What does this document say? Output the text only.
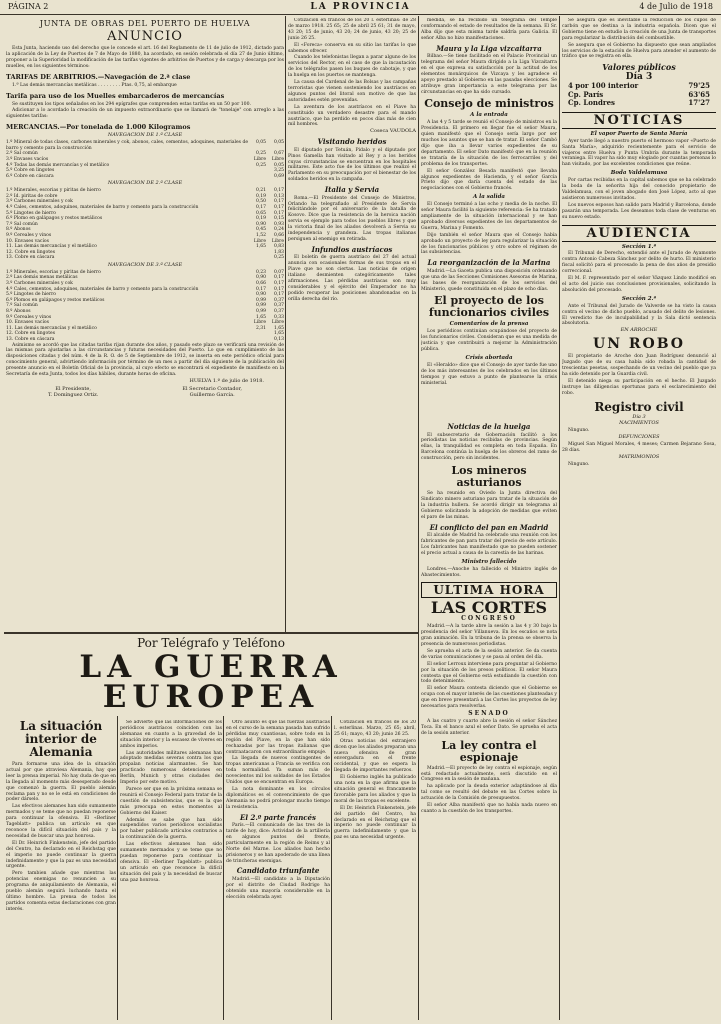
PÁGINA 2	LA PROVINCIA	4 de Julio de 1918
JUNTA DE OBRAS DEL PUERTO DE HUELVA
ANUNCIO

Esta Junta, haciendo uso del derecho que le concede el art. 16 del Reglamento de 11 de julio de 1912, dictado para la aplicación de la Ley de Puertos de 7 de Mayo de 1880, ha acordado, en sesión celebrada el día 27 de Junio último, proponer a la Superioridad la modificación de las tarifas vigentes de arbitrios de Puertos y de carga y descarga por los muelles, en los siguientes términos:

TARIFAS DE ARBITRIOS.—Navegación de 2.ª clase

1.ª Las demás mercancías metálicas . . . . . . . . Ptas. 0,75, al embarque

Tarifa para uso de los Muelles embarcaderos de mercancías

Se sustituyen los tipos señalados en los 294 epígrafes que comprenden estas tarifas en un 50 por 100.

Adicionar a lo acordado la creación de un impuesto extraordinario que se llamará de "tonelaje" con arreglo a las siguientes tarifas:

MERCANCIAS.—Por tonelada de 1.000 Kilogramos
NAVEGACION DE 1.ª CLASE
1.º Mineral de todas clases, carbones minerales y cok, abonos, cales, cementos, adoquines, materiales de barro y cemento para la construcción	0,05	0,05
2.º Sal común	0,25	0,67
3.º Envases vacíos	Libre	Libre
4.º Todas las demás mercancías y el metálico	0,25	0,05
5.º Cobre en lingotes		3,25
6.º Cobre en cáscara		0,69
NAVEGACION DE 2.ª CLASE
1.º Minerales, escorias y piritas de hierro	0,21	0,17
2.º Id. piritas de cobre	0,19	0,13
3.º Carbones minerales y cok	0,50	0,17
4.º Cales, cementos, adoquines, materiales de barro y cemento para la construcción	0,17	0,17
5.º Lingotes de hierro	0,65	0,17
6.º Plomo en galápagos y restos metálicos	0,19	0,15
7.º Sal común	0,90	0,93
8.º Abonos	0,45	0,24
9.º Cereales y vinos	1,52	0,66
10. Envases vacíos	Libre	Libre
11. Las demás mercancías y el metálico	1,65	0,83
12. Cobre en lingotes		1,83
13. Cobre en cáscara		0,25
NAVEGACION DE 3.ª CLASE
1.º Minerales, escorias y piritas de hierro	0,23	0,07
2.º Las demás menas metálicas	0,90	0,17
3.º Carbones minerales y cok	0,66	0,17
4.º Cales, cementos, adoquines, materiales de barro y cemento para la construcción	0,17	0,17
5.º Lingotes de hierro	0,90	0,17
6.º Plomos en galápagos y restos metálicos	0,99	0,37
7.º Sal común	0,99	0,37
8.º Abonos	0,99	0,37
9.º Cereales y vinos	1,65	0,33
10. Envases vacíos	Libre	Libre
11. Las demás mercancías y el metálico	2,31	1,65
12. Cobre en lingotes		1,65
13. Cobre en cáscara		0,13

Asimismo se acordó que las citadas tarifas rijan durante dos años, y pasado este plazo se verificará una revisión de las mismas para ajustarlas a las circunstancias y futuras necesidades del Puerto. Lo que en cumplimiento de las disposiciones citadas y del núm. 4 de la R. O. de 5 de Septiembre de 1912, se inserta en este periódico oficial para conocimiento general, advirtiendo información por término de un mes a partir del día siguiente de la publicación del presente anuncio en el Boletín Oficial de la provincia, al cuyo efecto se encontrará el expediente de manifiesto en la Secretaría de esta Junta, todos los días hábiles, durante horas de oficina.

HUELVA 1.º de julio de 1918.
El Presidente,
T. Domínguez Ortiz.
El Secretario Contador,
Guillermo García.

Cotización en francos de los 20 l. esterlinas: de 28 de marzo 1918. 25 65; 25 de abril 25 61; 31 de mayo, 43 20; 15 de junio, 43 20; 24 de junio, 43 20; 25 de junio 26 25.

El «Foreca» conserva en su sitio las tarifas lo que sabemos ofrecer.

Cuando los telefonistas llegan a parar alguno de los servicios del Rector, en el caso de que la incautación de los telégrafos pasen los buques de cabotaje, y que la huelga en los puertos se mantenga.

La causa del Cardenal de las Bolsas y las campañas terroristas que vienen sosteniendo los austríacos en algunos puntos del litoral son motivo de que las autoridades estén prevenidas.

La aventura de los austríacos en el Piave ha constituido un verdadero desastre para el mando austríaco, que ha perdido en pocos días más de cien mil hombres.

Coseca VAUDOLA
Visitando heridos

El diputado por Tetuán, Pidalo y el diputado por Pinos Gamella han visitado al Rey y a los heridos cuyas circunstancias se encuentran en los hospitales militares. Este acto fue de los últimos que realizó el Parlamento en su preocupación por el bienestar de los soldados heridos en la campaña.

Italia y Servia

Roma.—El Presidente del Consejo de Ministros, Orlando ha telegrafiado al Presidente de Servia felicitándole por el aniversario de la batalla de Kosovo. Dice que la resistencia de la heroica nación servia es ejemplo para todos los pueblos libres y que la victoria final de los aliados devolverá a Servia su independencia y grandeza. Las tropas italianas persiguen al enemigo en retirada.

Infundios austríacos

El boletín de guerra austríaco del 27 del actual anuncia con ocasionales formas de sus tropas en el Piave que no son ciertas. Las noticias de origen italiano desmienten categóricamente tales afirmaciones. Las pérdidas austríacas son muy considerables y el ejército del Emperador no ha podido recuperar las posiciones abandonadas en la orilla derecha del río.

Por Telégrafo y Teléfono
LA GUERRA EUROPEA
La situación interior de Alemania

Para formarse una idea de la situación actual por que atraviesa Alemania, hay que leer la prensa imperial. No hay duda de que en la llegada al momento más desesperado desde que comenzó la guerra. El pueblo alemán reclama pan y no se le está en condiciones de poder dárselo.

Las efectivos alemanes han sido sumamente mermados y se teme que no puedan reponerse para continuar la ofensiva. El «Berliner Tageblatt» publica un artículo en que reconoce la difícil situación del país y la necesidad de buscar una paz honrosa.

El Dr. Heinrich Finkenstein, jefe del partido del Centro, ha declarado en el Reichstag que el imperio no puede continuar la guerra indefinidamente y que la paz es una necesidad urgente.

Pero tambien añade que mientras las potencias enemigas no renuncien a su programa de aniquilamiento de Alemania, el pueblo alemán seguirá luchando hasta el último hombre. La prensa de todos los partidos comenta estas declaraciones con gran interés.

Se advierte que las informaciones de los periódicos austríacos coinciden con las alemanas en cuanto a la gravedad de la situación interior y la escasez de víveres en ambos imperios.

Las autoridades militares alemanas han adoptado medidas severas contra los que propalan noticias alarmantes. Se han practicado numerosas detenciones en Berlín, Munich y otras ciudades del Imperio por este motivo.

Parece ser que en la próxima semana se reunirá el Consejo Federal para tratar de la cuestión de subsistencias, que es la que más preocupa en estos momentos al Gobierno del Kaiser.

Además se sabe que han sido suspendidos varios periódicos socialistas por haber publicado artículos contrarios a la continuación de la guerra.

Las efectivos alemanes han sido sumamente mermados y se teme que no puedan reponerse para continuar la ofensiva. El «Berliner Tageblatt» publica un artículo en que reconoce la difícil situación del país y la necesidad de buscar una paz honrosa.

Otro asunto es que las fuerzas austríacas en el curso de la semana pasada han sufrido pérdidas muy cuantiosas, sobre todo en la región del Piave, en la que han sido rechazadas por las tropas italianas que contraatacaron con extraordinario empuje.

La llegada de nuevos contingentes de tropas americanas a Francia se verifica con toda normalidad. Ya suman más de novecientos mil los soldados de los Estados Unidos que se encuentran en Europa.

La nota dominante en los círculos diplomáticos es el convencimiento de que Alemania no podrá prolongar mucho tiempo la resistencia.

El 2.º parte francés

París.—El comunicado de las tres de la tarde de hoy, dice: Actividad de la artillería en algunos puntos del frente, particularmente en la región de Reims y al Norte del Marne. Los aliados han hecho prisioneros y se han apoderado de una línea de trincheras enemigas.

Candidato triunfante

Madrid.—El candidato a la Diputación por el distrito de Ciudad Rodrigo ha obtenido una mayoría considerable en la elección celebrada ayer.

Cotización en francos de los 20 l. esterlinas. Marzo, 25 65; abril, 25 61; mayo, 43 20; junio 26 25.

Otras noticias del extranjero dicen que los aliados preparan una nueva ofensiva de gran envergadura en el frente occidental, y que se espera la llegada de importantes refuerzos.

El Gobierno inglés ha publicado una nota en la que afirma que la situación general es francamente favorable para los aliados y que la moral de las tropas es excelente.

El Dr. Heinrich Finkenstein, jefe del partido del Centro, ha declarado en el Reichstag que el imperio no puede continuar la guerra indefinidamente y que la paz es una necesidad urgente.

medida, se ha recibido un telegrama del Temple conformando el estado de resultados de la semana. El Sr. Alba dijo que esta misma tarde saldría para Galicia. El señor Alba no hizo manifestaciones.

Maura y la Liga vizcaitarra

Bilbao.—Se tiene facilitado en el Palacio Provincial un telegrama del señor Maura dirigido a la Liga Vizcaitarra en el que expresa su satisfacción por la actitud de los elementos monárquicos de Vizcaya y les agradece el apoyo prestado al Gobierno en las pasadas elecciones. Se atribuye gran importancia a este telegrama por las circunstancias en que ha sido cursado.

Consejo de ministros
A la entrada

A las 4 y 5 tarde se reunió el Consejo de ministros en la Presidencia. El primero en llegar fue el señor Maura, quien manifestó que el Consejo sería largo por ser muchos los asuntos que se han de tratar. El señor Cambó dijo que iba a llevar varios expedientes de su departamento. El señor Dato manifestó que en la reunión se trataría de la situación de los ferrocarriles y del problema de los transportes.

El señor González Besada manifestó que llevaba algunos expedientes de Hacienda, y el señor García Prieto dijo que daría cuenta del estado de las negociaciones con el Gobierno francés.

A la salida

El Consejo terminó a las ocho y media de la noche. El señor Maura facilitó la siguiente referencia: Se ha tratado ampliamente de la situación internacional y se han aprobado diversos expedientes de los departamentos de Guerra, Marina y Fomento.

Dijo también el señor Maura que el Consejo había aprobado un proyecto de ley para regularizar la situación de los funcionarios públicos y otro sobre el régimen de las subsistencias.

La reorganización de la Marina

Madrid.—La Gaceta publica una disposición ordenando que una de las Secciones Comisiones Asesoras de Marina, las bases de reorganización de los servicios del Ministerio, quede constituida en el plazo de ocho días.

El proyecto de los funcionarios civiles
Comentarios de la prensa

Los periódicos continúan ocupándose del proyecto de los funcionarios civiles. Consideran que es una medida de justicia y que contribuirá a mejorar la Administración pública.

Crisis abortada

El «Heraldo» dice que el Consejo de ayer tarde fue uno de los más interesantes de los celebrados en los últimos tiempos y que estuvo a punto de plantearse la crisis ministerial.

Se asegura que es inevitable la reducción de los cupos de carbón que se destina a la industria española. Dicen que el Gobierno tiene en estudio la creación de una Junta de transportes para regularizar la distribución del combustible.

Se asegura que el Gobierno ha dispuesto que sean ampliados los servicios de la estación de Huelva para atender el aumento de tráfico que se registra en ella.

Valores públicos
Día 3
4 por 100 interior	79'25
Cp. París	63'65
Cp. Londres	17'27
NOTICIAS
El vapor Puerto de Santa María

Ayer tarde llegó a nuestro puerto el hermoso vapor «Puerto de Santa María», adquirido recientemente para el servicio de viajeros entre Huelva y Punta Umbría durante la temporada veraniega. El vapor ha sido muy elogiado por cuantas personas lo han visitado, por las excelentes condiciones que reúne.

Boda Valdelamusa

Por cartas recibidas en la capital sabemos que se ha celebrado la boda de la señorita hija del conocido propietario de Valdelamusa, con el joven abogado don José López, acto al que asistieron numerosos invitados.

Los nuevos esposos han salido para Madrid y Barcelona, donde pasarán una temporada. Les deseamos toda clase de venturas en su nuevo estado.

AUDIENCIA
Sección 1.ª

El Tribunal de Derecho, extendió ante el Jurado de Ayamonte contra Antonio Cabeza Sánchez por delito de hurto. El ministerio fiscal solicitó para el procesado la pena de dos años de presidio correccional.

El M. F. representado por el señor Vázquez Lindo modificó en el acto del juicio sus conclusiones provisionales, solicitando la absolución del procesado.

Sección 2.ª

Ante el Tribunal del Jurado de Valverde se ha visto la causa contra el vecino de dicho pueblo, acusado del delito de lesiones. El veredicto fue de inculpabilidad y la Sala dictó sentencia absolutoria.

EN ARROCHE
UN ROBO

El propietario de Aroche don Juan Rodríguez denunció al Juzgado que de su casa había sido robada la cantidad de trescientas pesetas, sospechando de un vecino del pueblo que ya ha sido detenido por la Guardia civil.

El detenido niega su participación en el hecho. El Juzgado instruye las diligencias oportunas para el esclarecimiento del robo.

Registro civil
Día 3
NACIMIENTOS

Ninguno.

DEFUNCIONES

Miguel San Miguel Morales, 4 meses; Carmen Bejarano Sosa, 28 días.

MATRIMONIOS

Ninguno.

Noticias de la huelga

El subsecretario de Gobernación facilitó a los periodistas las noticias recibidas de provincias. Según ellas, la tranquilidad es completa en toda España. En Barcelona continúa la huelga de los obreros del ramo de construcción, pero sin incidentes.

Los mineros asturianos

Se ha reunido en Oviedo la Junta directiva del Sindicato minero asturiano para tratar de la situación de la industria hullera. Se acordó dirigir un telegrama al Gobierno solicitando la adopción de medidas que eviten el paro de las minas.

El conflicto del pan en Madrid

El alcalde de Madrid ha celebrado una reunión con los fabricantes de pan para tratar del precio de este artículo. Los fabricantes han manifestado que no pueden sostener el precio actual a causa de la carestía de las harinas.

Ministro fallecido

Londres.—Anoche ha fallecido el Ministro inglés de Abastecimientos.

ULTIMA HORA
LAS CORTES
CONGRESO

Madrid.—A la tarde abre la sesión a las 4 y 30 bajo la presidencia del señor Villanueva. En los escaños se nota gran animación. En la tribuna de la prensa se observa la presencia de numerosos periodistas.

Se aprueba el acta de la sesión anterior. Se da cuenta de varias comunicaciones y se pasa al orden del día.

El señor Lerroux interviene para preguntar al Gobierno por la situación de los presos políticos. El señor Maura contesta que el Gobierno está estudiando la cuestión con todo detenimiento.

El señor Maura contesta diciendo que el Gobierno se ocupa con el mayor interés de las cuestiones planteadas y que en breve presentará a las Cortes los proyectos de ley necesarios para resolverlas.

SENADO

A las cuatro y cuarto abre la sesión el señor Sánchez Toca. En el banco azul el señor Dato. Se aprueba el acta de la sesión anterior.

La ley contra el espionaje

Madrid.—El proyecto de ley contra el espionaje, según está redactado actualmente, será discutido en el Congreso en la sesión de mañana.

ha aplicado por la deuda exterior adaptándose al día tal como se resultó del debate en las Cortes sobre la actuación de la Comisión de presupuestos.

El señor Alba manifestó que no había nada nuevo en cuanto a la cuestión de los transportes.
